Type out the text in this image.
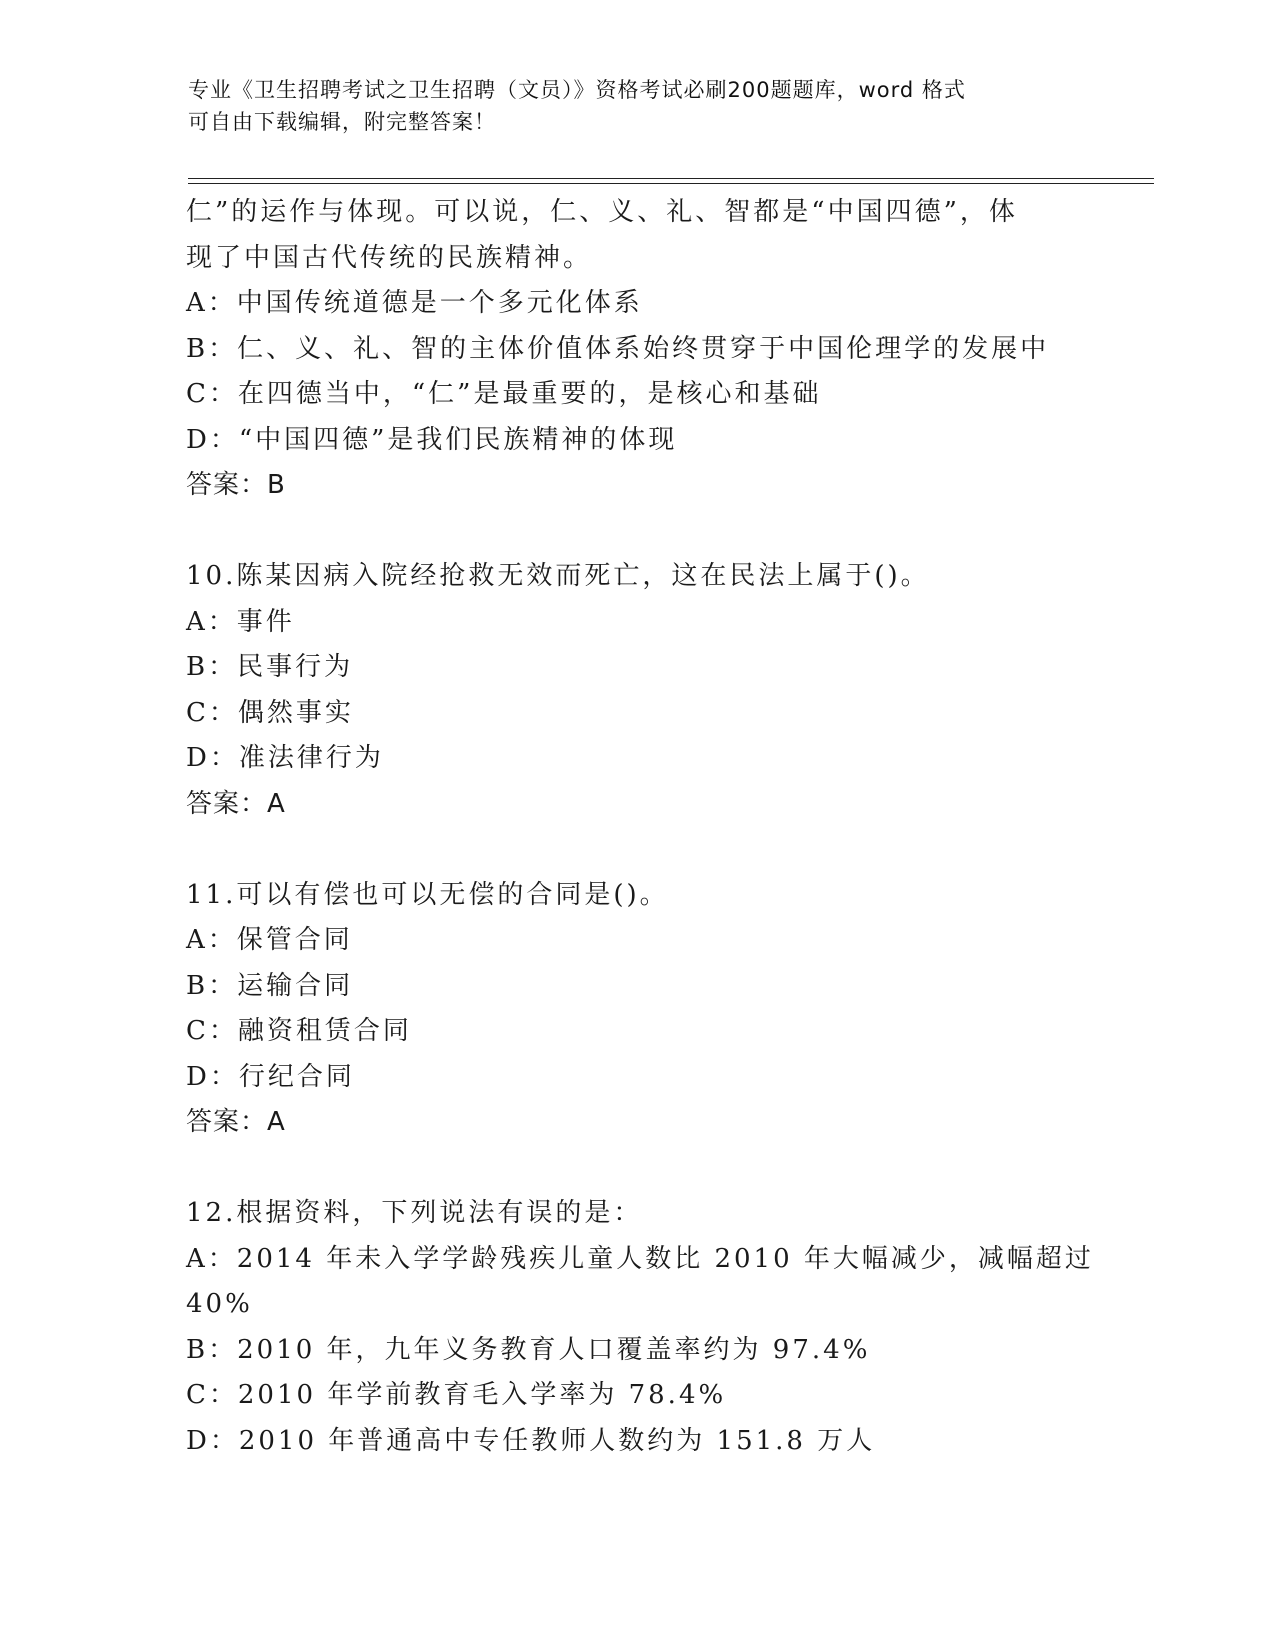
专业《卫生招聘考试之卫生招聘（文员）》资格考试必刷200题题库，word 格式
可自由下载编辑，附完整答案！
仁”的运作与体现。可以说，仁、义、礼、智都是“中国四德”，体
现了中国古代传统的民族精神。
A：中国传统道德是一个多元化体系
B：仁、义、礼、智的主体价值体系始终贯穿于中国伦理学的发展中
C：在四德当中，“仁”是最重要的，是核心和基础
D：“中国四德”是我们民族精神的体现
答案：B
10.陈某因病入院经抢救无效而死亡，这在民法上属于()。
A：事件
B：民事行为
C：偶然事实
D：准法律行为
答案：A
11.可以有偿也可以无偿的合同是()。
A：保管合同
B：运输合同
C：融资租赁合同
D：行纪合同
答案：A
12.根据资料，下列说法有误的是：
A：2014 年未入学学龄残疾儿童人数比 2010 年大幅减少，减幅超过
40%
B：2010 年，九年义务教育人口覆盖率约为 97.4%
C：2010 年学前教育毛入学率为 78.4%
D：2010 年普通高中专任教师人数约为 151.8 万人
